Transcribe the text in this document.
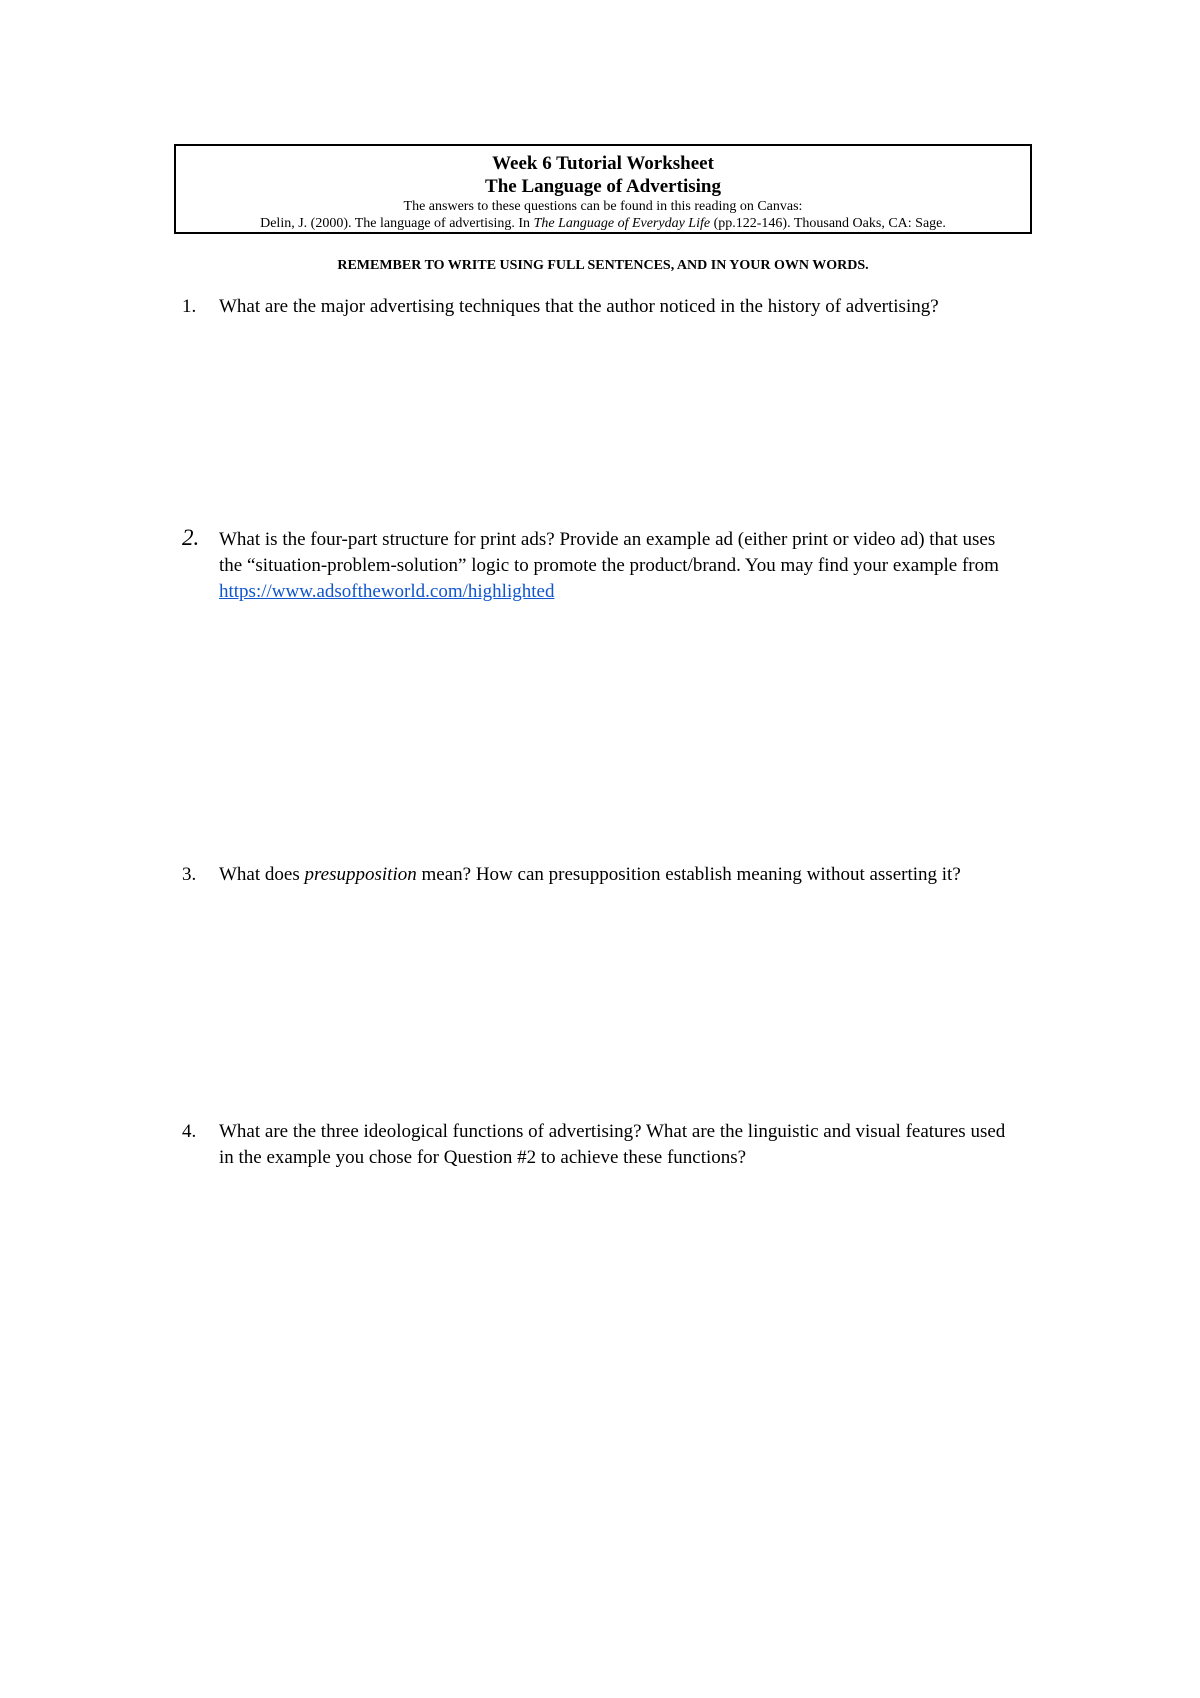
Week 6 Tutorial Worksheet
The Language of Advertising
The answers to these questions can be found in this reading on Canvas:
Delin, J. (2000). The language of advertising. In The Language of Everyday Life (pp.122-146). Thousand Oaks, CA: Sage.
REMEMBER TO WRITE USING FULL SENTENCES, AND IN YOUR OWN WORDS.
1. What are the major advertising techniques that the author noticed in the history of advertising?
2. What is the four-part structure for print ads? Provide an example ad (either print or video ad) that uses the “situation-problem-solution” logic to promote the product/brand. You may find your example from https://www.adsoftheworld.com/highlighted
3. What does presupposition mean? How can presupposition establish meaning without asserting it?
4. What are the three ideological functions of advertising? What are the linguistic and visual features used in the example you chose for Question #2 to achieve these functions?
